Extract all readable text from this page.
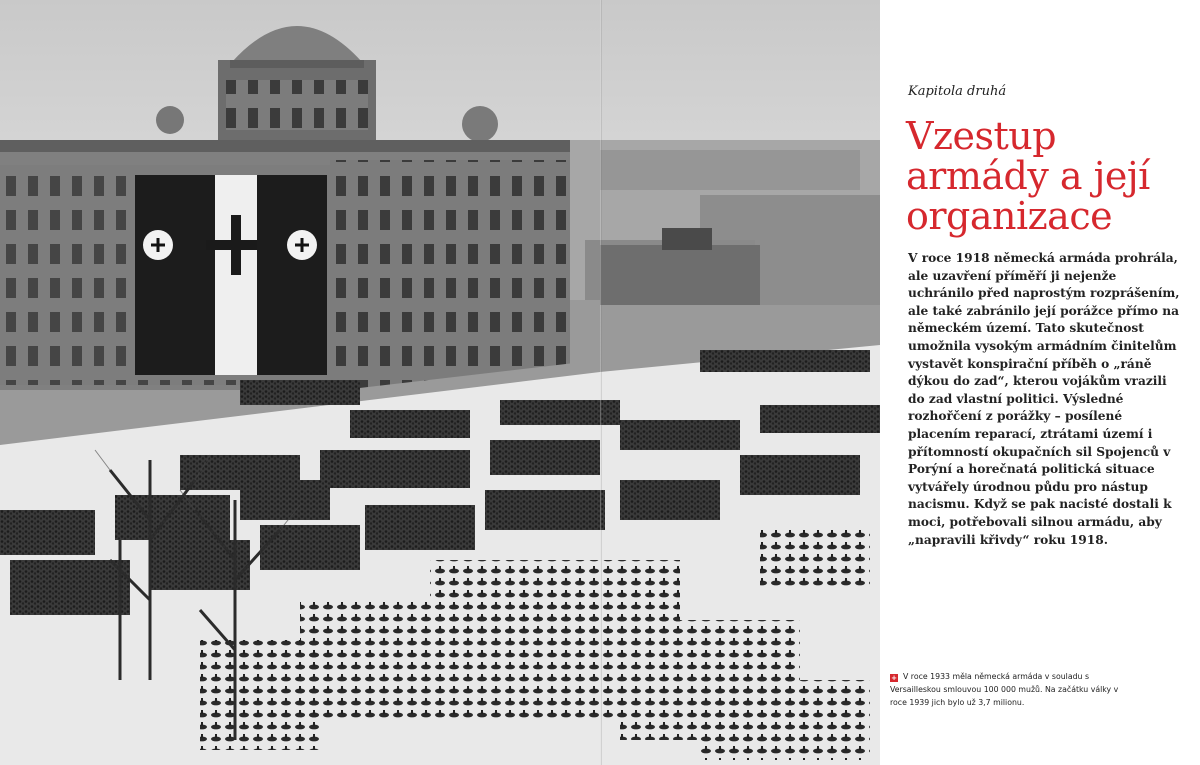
Kapitola druhá
Vzestup armády a její organizace

V roce 1918 německá armáda prohrála, ale uzavření příměří ji nejenže uchránilo před naprostým rozprášením, ale také zabránilo její porážce přímo na německém území. Tato skutečnost umožnila vysokým armádním činitelům vystavět konspirační příběh o „ráně dýkou do zad“, kterou vojákům vrazili do zad vlastní politici. Výsledné rozhořčení z porážky – posílené placením reparací, ztrátami území i přítomností okupačních sil Spojenců v Porýní a horečnatá politická situace vytvářely úrodnou půdu pro nástup nacismu. Když se pak nacisté dostali k moci, potřebovali silnou armádu, aby „napravili křivdy“ roku 1918.

+ V roce 1933 měla německá armáda v souladu s Versailleskou smlouvou 100 000 mužů. Na začátku války v roce 1939 jich bylo už 3,7 milionu.
